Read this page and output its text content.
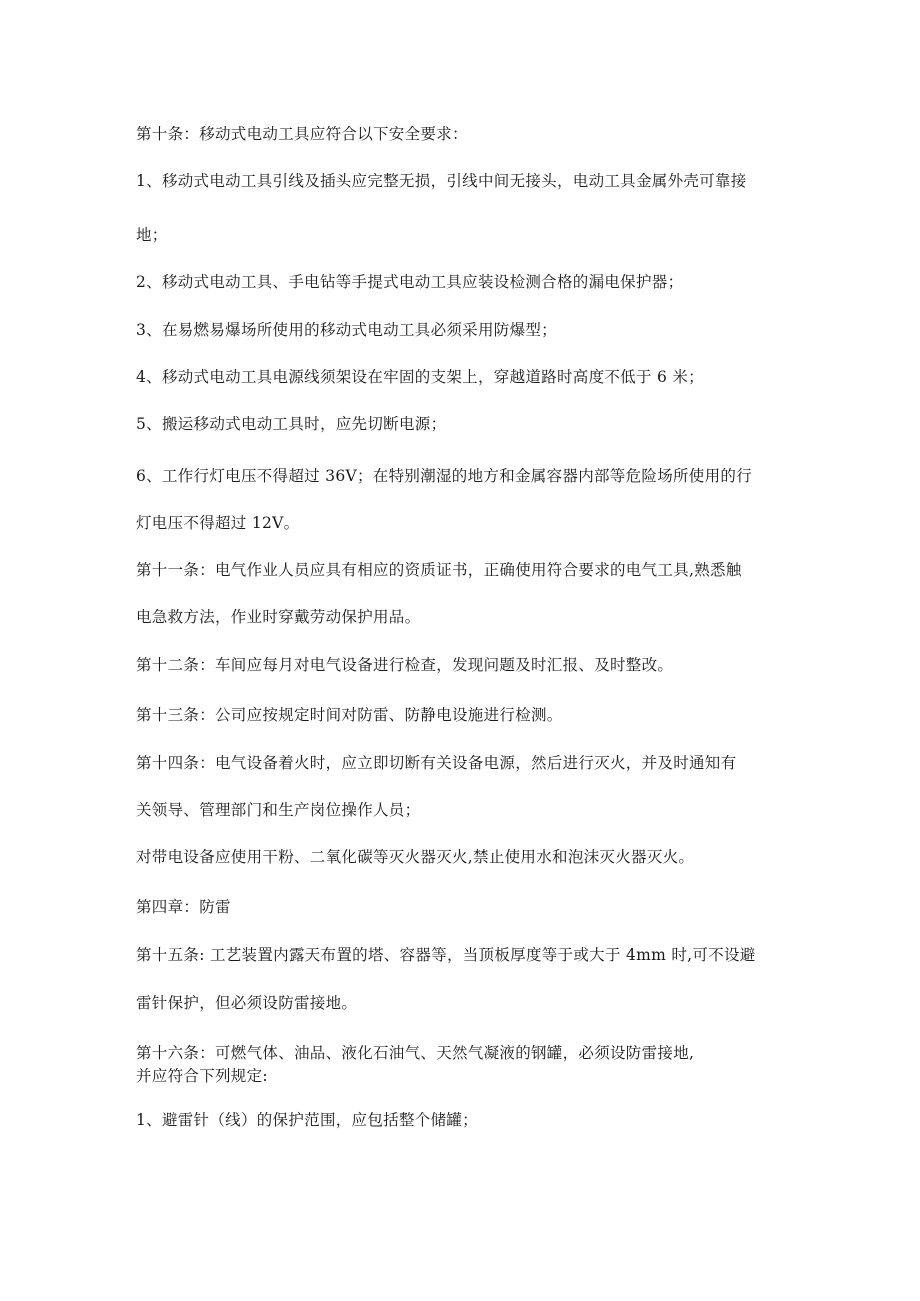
第十条：移动式电动工具应符合以下安全要求：
1、移动式电动工具引线及插头应完整无损，引线中间无接头，电动工具金属外壳可靠接
地；
2、移动式电动工具、手电钻等手提式电动工具应装设检测合格的漏电保护器；
3、在易燃易爆场所使用的移动式电动工具必须采用防爆型；
4、移动式电动工具电源线须架设在牢固的支架上，穿越道路时高度不低于 6 米；
5、搬运移动式电动工具时，应先切断电源；
6、工作行灯电压不得超过 36V；在特别潮湿的地方和金属容器内部等危险场所使用的行
灯电压不得超过 12V。
第十一条：电气作业人员应具有相应的资质证书，正确使用符合要求的电气工具,熟悉触
电急救方法，作业时穿戴劳动保护用品。
第十二条：车间应每月对电气设备进行检查，发现问题及时汇报、及时整改。
第十三条：公司应按规定时间对防雷、防静电设施进行检测。
第十四条：电气设备着火时，应立即切断有关设备电源，然后进行灭火，并及时通知有
关领导、管理部门和生产岗位操作人员；
对带电设备应使用干粉、二氧化碳等灭火器灭火,禁止使用水和泡沫灭火器灭火。
第四章：防雷
第十五条: 工艺装置内露天布置的塔、容器等，当顶板厚度等于或大于 4mm 时,可不设避
雷针保护，但必须设防雷接地。
第十六条：可燃气体、油品、液化石油气、天然气凝液的钢罐，必须设防雷接地,
并应符合下列规定:
1、避雷针（线）的保护范围，应包括整个储罐；
